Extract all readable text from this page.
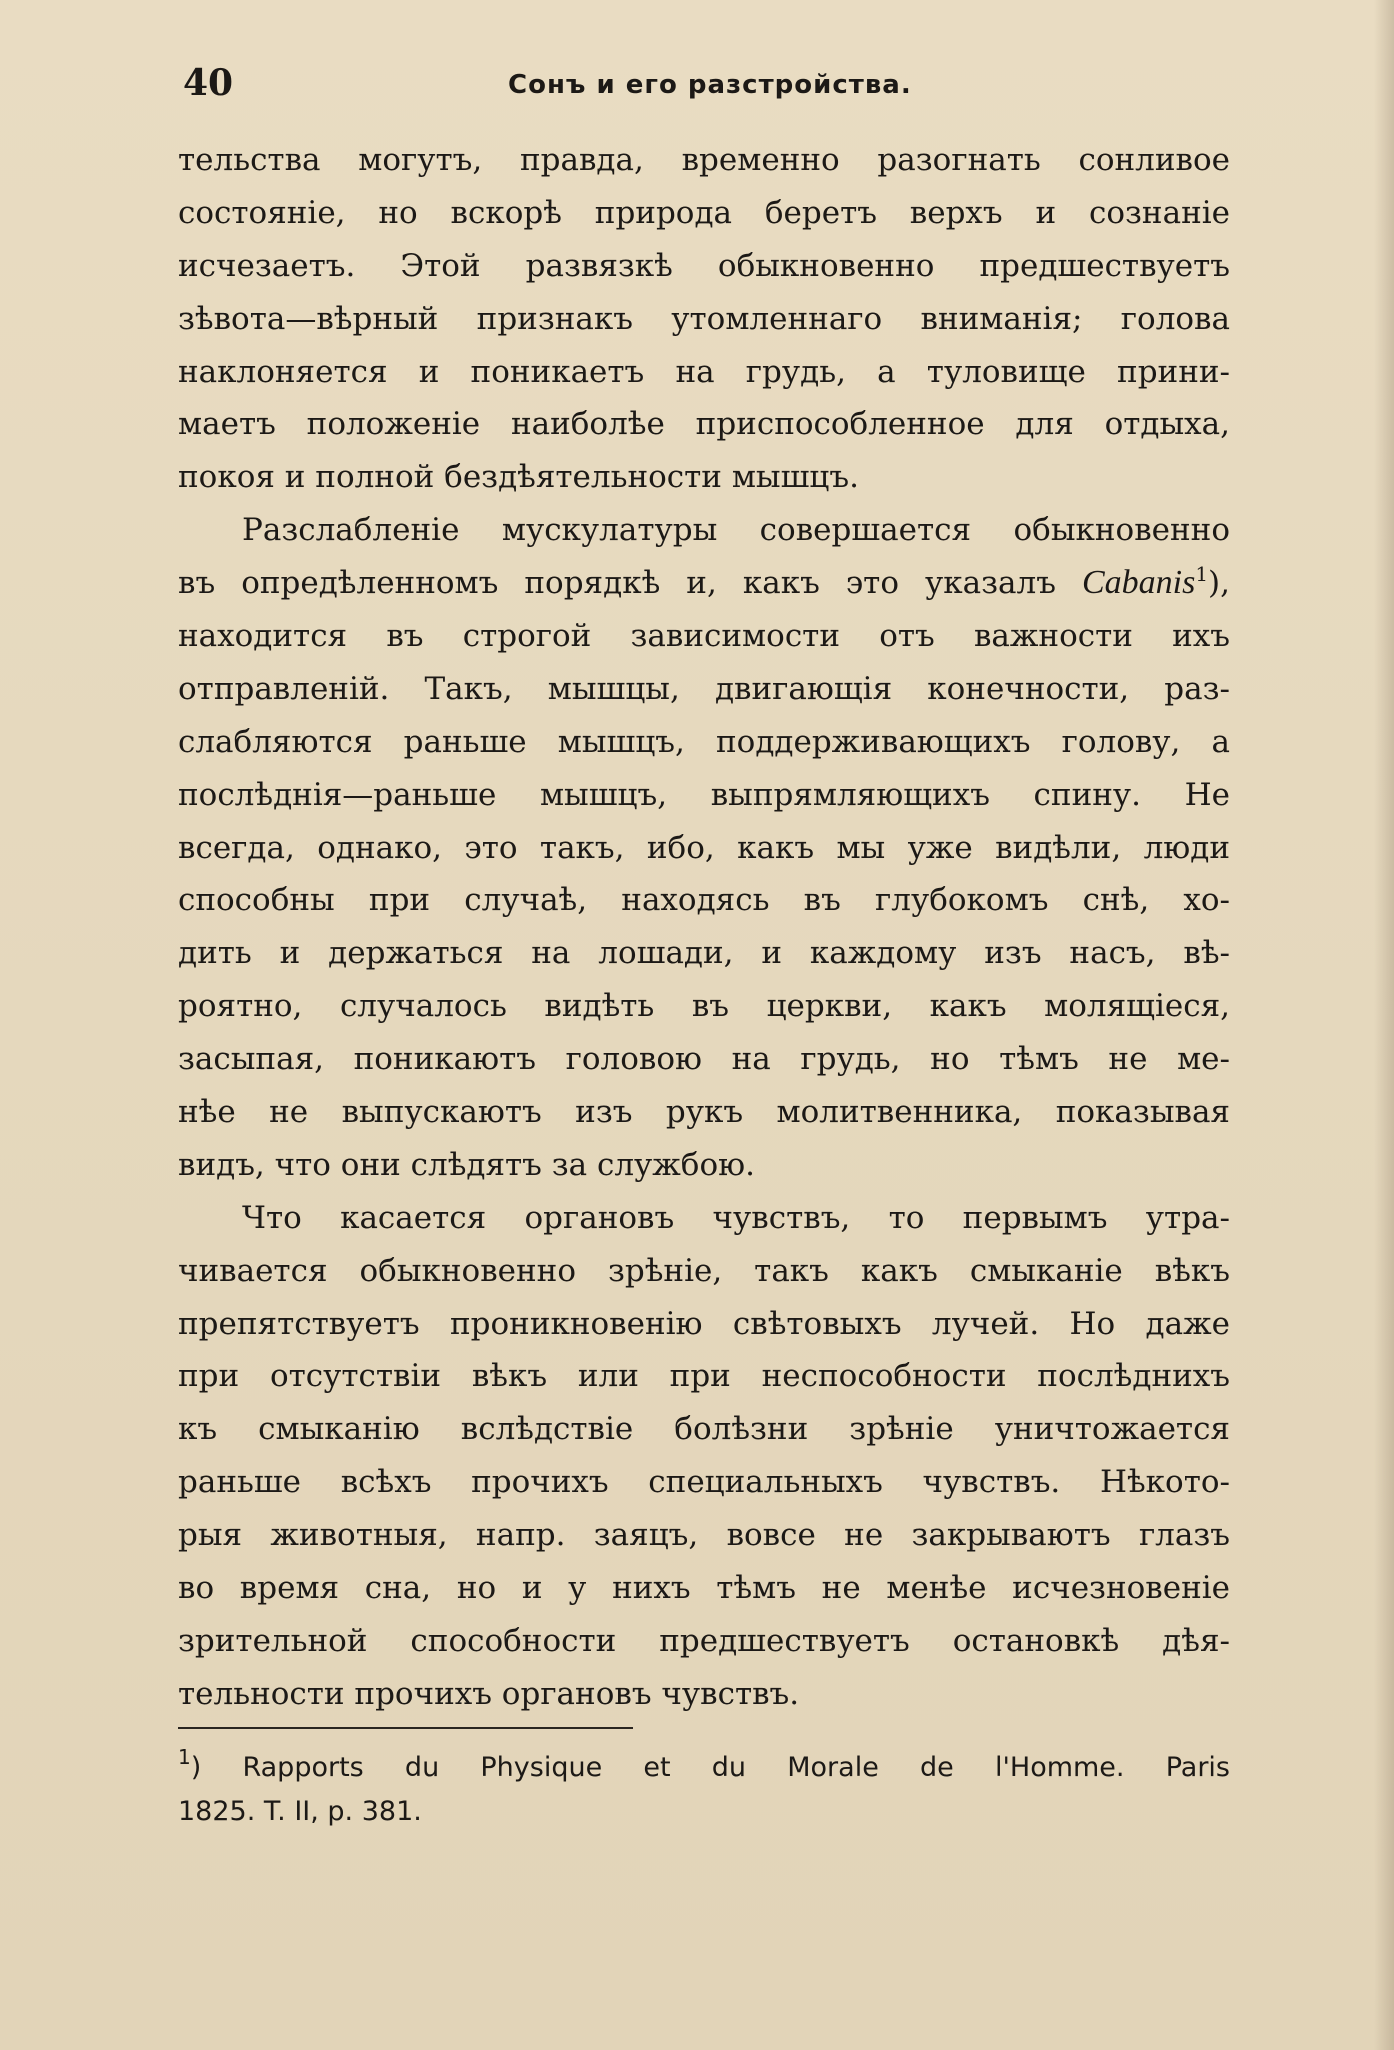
40	Сонъ и его разстройства.
тельства могутъ, правда, временно разогнать сонливое
состоянiе, но вскорѣ природа беретъ верхъ и сознанiе
исчезаетъ. Этой развязкѣ обыкновенно предшествуетъ
зѣвота—вѣрный признакъ утомленнаго вниманiя; голова
наклоняется и поникаетъ на грудь, а туловище прини-
маетъ положенiе наиболѣе приспособленное для отдыха,
покоя и полной бездѣятельности мышцъ.
Разслабленiе мускулатуры совершается обыкновенно
въ опредѣленномъ порядкѣ и, какъ это указалъ Cabanis$^1$),
находится въ строгой зависимости отъ важности ихъ
отправленiй. Такъ, мышцы, двигающiя конечности, раз-
слабляются раньше мышцъ, поддерживающихъ голову, а
послѣднiя—раньше мышцъ, выпрямляющихъ спину. Не
всегда, однако, это такъ, ибо, какъ мы уже видѣли, люди
способны при случаѣ, находясь въ глубокомъ снѣ, хо-
дить и держаться на лошади, и каждому изъ насъ, вѣ-
роятно, случалось видѣть въ церкви, какъ молящiеся,
засыпая, поникаютъ головою на грудь, но тѣмъ не ме-
нѣе не выпускаютъ изъ рукъ молитвенника, показывая
видъ, что они слѣдятъ за службою.
Что касается органовъ чувствъ, то первымъ утра-
чивается обыкновенно зрѣнiе, такъ какъ смыканiе вѣкъ
препятствуетъ проникновенiю свѣтовыхъ лучей. Но даже
при отсутствiи вѣкъ или при неспособности послѣднихъ
къ смыканiю вслѣдствiе болѣзни зрѣнiе уничтожается
раньше всѣхъ прочихъ специальныхъ чувствъ. Нѣкото-
рыя животныя, напр. заяцъ, вовсе не закрываютъ глазъ
во время сна, но и у нихъ тѣмъ не менѣе исчезновенiе
зрительной способности предшествуетъ остановкѣ дѣя-
тельности прочихъ органовъ чувствъ.
$^1$) Rapports du Physique et du Morale de l'Homme. Paris
1825. T. II, p. 381.
